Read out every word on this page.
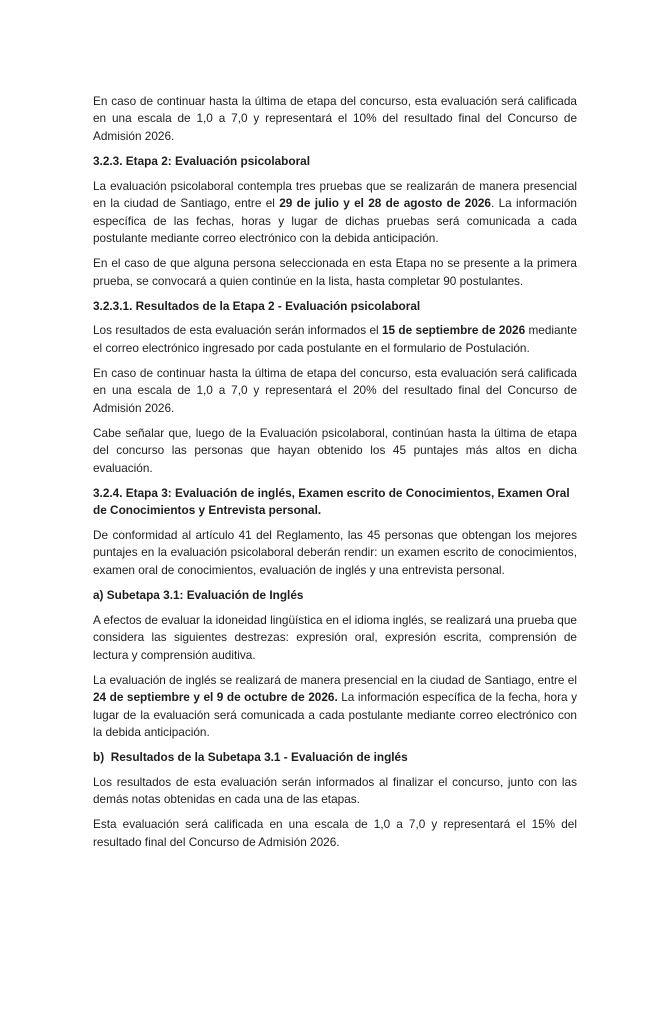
En caso de continuar hasta la última de etapa del concurso, esta evaluación será calificada en una escala de 1,0 a 7,0 y representará el 10% del resultado final del Concurso de Admisión 2026.

3.2.3. Etapa 2: Evaluación psicolaboral

La evaluación psicolaboral contempla tres pruebas que se realizarán de manera presencial en la ciudad de Santiago, entre el 29 de julio y el 28 de agosto de 2026. La información específica de las fechas, horas y lugar de dichas pruebas será comunicada a cada postulante mediante correo electrónico con la debida anticipación.

En el caso de que alguna persona seleccionada en esta Etapa no se presente a la primera prueba, se convocará a quien continúe en la lista, hasta completar 90 postulantes.

3.2.3.1. Resultados de la Etapa 2 - Evaluación psicolaboral

Los resultados de esta evaluación serán informados el 15 de septiembre de 2026 mediante el correo electrónico ingresado por cada postulante en el formulario de Postulación.

En caso de continuar hasta la última de etapa del concurso, esta evaluación será calificada en una escala de 1,0 a 7,0 y representará el 20% del resultado final del Concurso de Admisión 2026.

Cabe señalar que, luego de la Evaluación psicolaboral, continúan hasta la última de etapa del concurso las personas que hayan obtenido los 45 puntajes más altos en dicha evaluación.

3.2.4. Etapa 3: Evaluación de inglés, Examen escrito de Conocimientos, Examen Oral de Conocimientos y Entrevista personal.

De conformidad al artículo 41 del Reglamento, las 45 personas que obtengan los mejores puntajes en la evaluación psicolaboral deberán rendir: un examen escrito de conocimientos, examen oral de conocimientos, evaluación de inglés y una entrevista personal.

a) Subetapa 3.1: Evaluación de Inglés

A efectos de evaluar la idoneidad lingüística en el idioma inglés, se realizará una prueba que considera las siguientes destrezas: expresión oral, expresión escrita, comprensión de lectura y comprensión auditiva.

La evaluación de inglés se realizará de manera presencial en la ciudad de Santiago, entre el 24 de septiembre y el 9 de octubre de 2026. La información específica de la fecha, hora y lugar de la evaluación será comunicada a cada postulante mediante correo electrónico con la debida anticipación.

b)  Resultados de la Subetapa 3.1 - Evaluación de inglés

Los resultados de esta evaluación serán informados al finalizar el concurso, junto con las demás notas obtenidas en cada una de las etapas.

Esta evaluación será calificada en una escala de 1,0 a 7,0 y representará el 15% del resultado final del Concurso de Admisión 2026.
